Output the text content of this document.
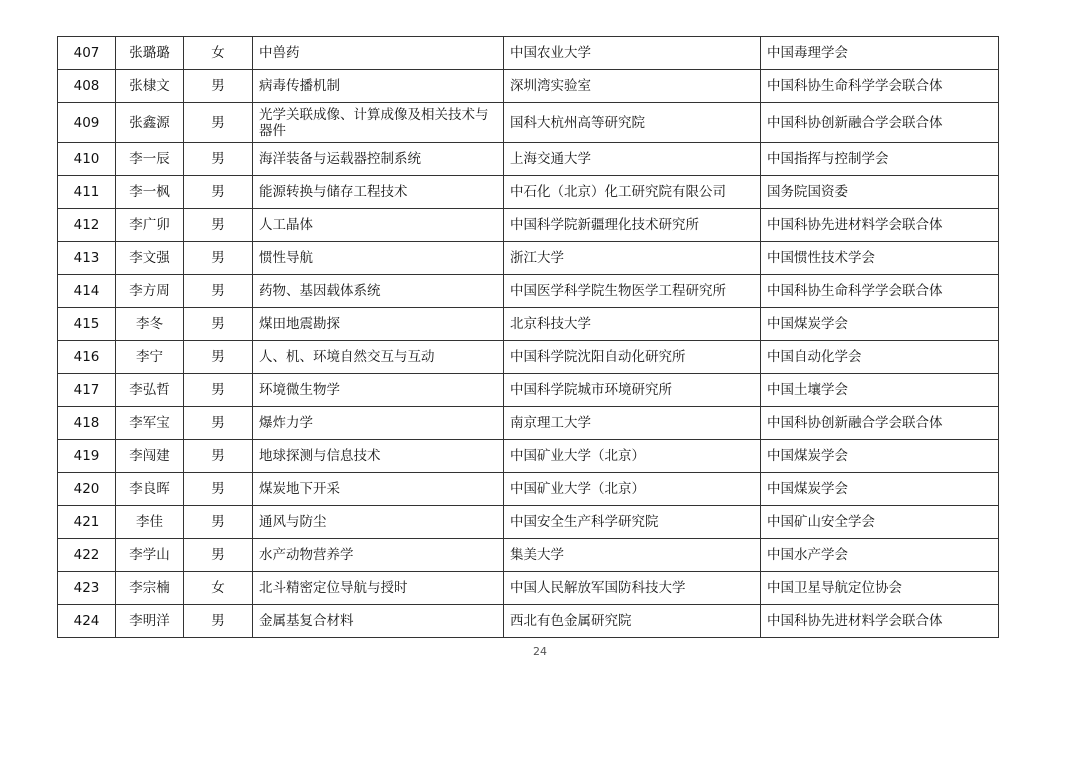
407	张璐璐	女	中兽药	中国农业大学	中国毒理学会
408	张棣文	男	病毒传播机制	深圳湾实验室	中国科协生命科学学会联合体
409	张鑫源	男	光学关联成像、计算成像及相关技术与器件	国科大杭州高等研究院	中国科协创新融合学会联合体
410	李一辰	男	海洋装备与运载器控制系统	上海交通大学	中国指挥与控制学会
411	李一枫	男	能源转换与储存工程技术	中石化（北京）化工研究院有限公司	国务院国资委
412	李广卯	男	人工晶体	中国科学院新疆理化技术研究所	中国科协先进材料学会联合体
413	李文强	男	惯性导航	浙江大学	中国惯性技术学会
414	李方周	男	药物、基因载体系统	中国医学科学院生物医学工程研究所	中国科协生命科学学会联合体
415	李冬	男	煤田地震勘探	北京科技大学	中国煤炭学会
416	李宁	男	人、机、环境自然交互与互动	中国科学院沈阳自动化研究所	中国自动化学会
417	李弘哲	男	环境微生物学	中国科学院城市环境研究所	中国土壤学会
418	李军宝	男	爆炸力学	南京理工大学	中国科协创新融合学会联合体
419	李闯建	男	地球探测与信息技术	中国矿业大学（北京）	中国煤炭学会
420	李良晖	男	煤炭地下开采	中国矿业大学（北京）	中国煤炭学会
421	李佳	男	通风与防尘	中国安全生产科学研究院	中国矿山安全学会
422	李学山	男	水产动物营养学	集美大学	中国水产学会
423	李宗楠	女	北斗精密定位导航与授时	中国人民解放军国防科技大学	中国卫星导航定位协会
424	李明洋	男	金属基复合材料	西北有色金属研究院	中国科协先进材料学会联合体
24
